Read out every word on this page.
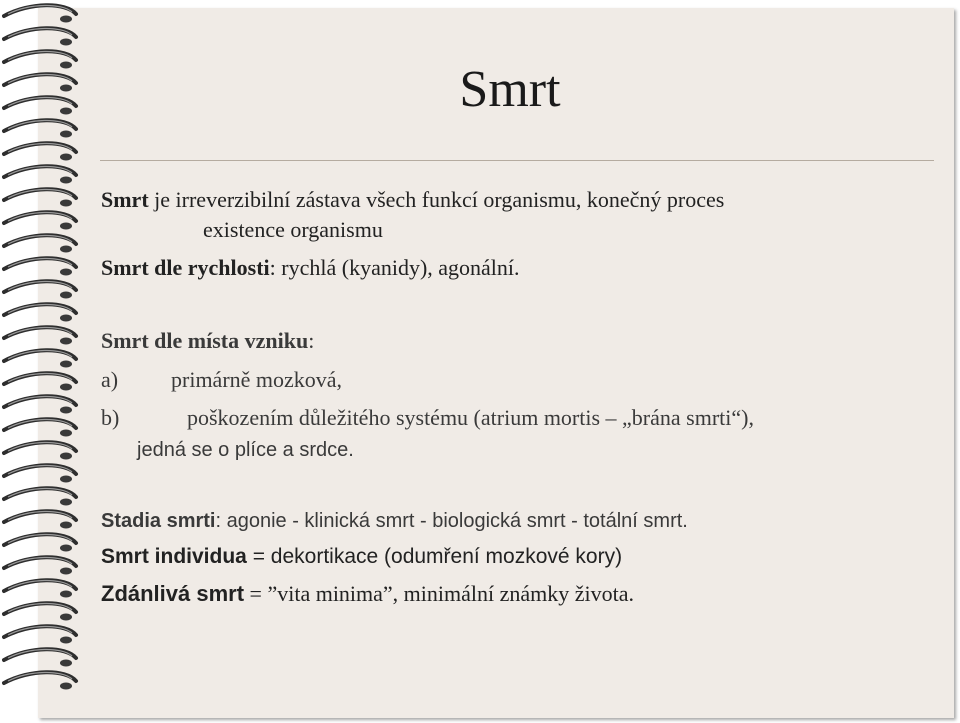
Smrt
Smrt je irreverzibilní zástava všech funkcí organismu, konečný proces
existence organismu
Smrt dle rychlosti: rychlá (kyanidy), agonální.
Smrt dle místa vzniku:
a) primárně mozková,
b)	poškozením důležitého systému (atrium mortis – „brána smrti“),
jedná se o plíce a srdce.
Stadia smrti: agonie - klinická smrt - biologická smrt - totální smrt.
Smrt individua = dekortikace (odumření mozkové kory)
Zdánlivá smrt = ”vita minima”, minimální známky života.
